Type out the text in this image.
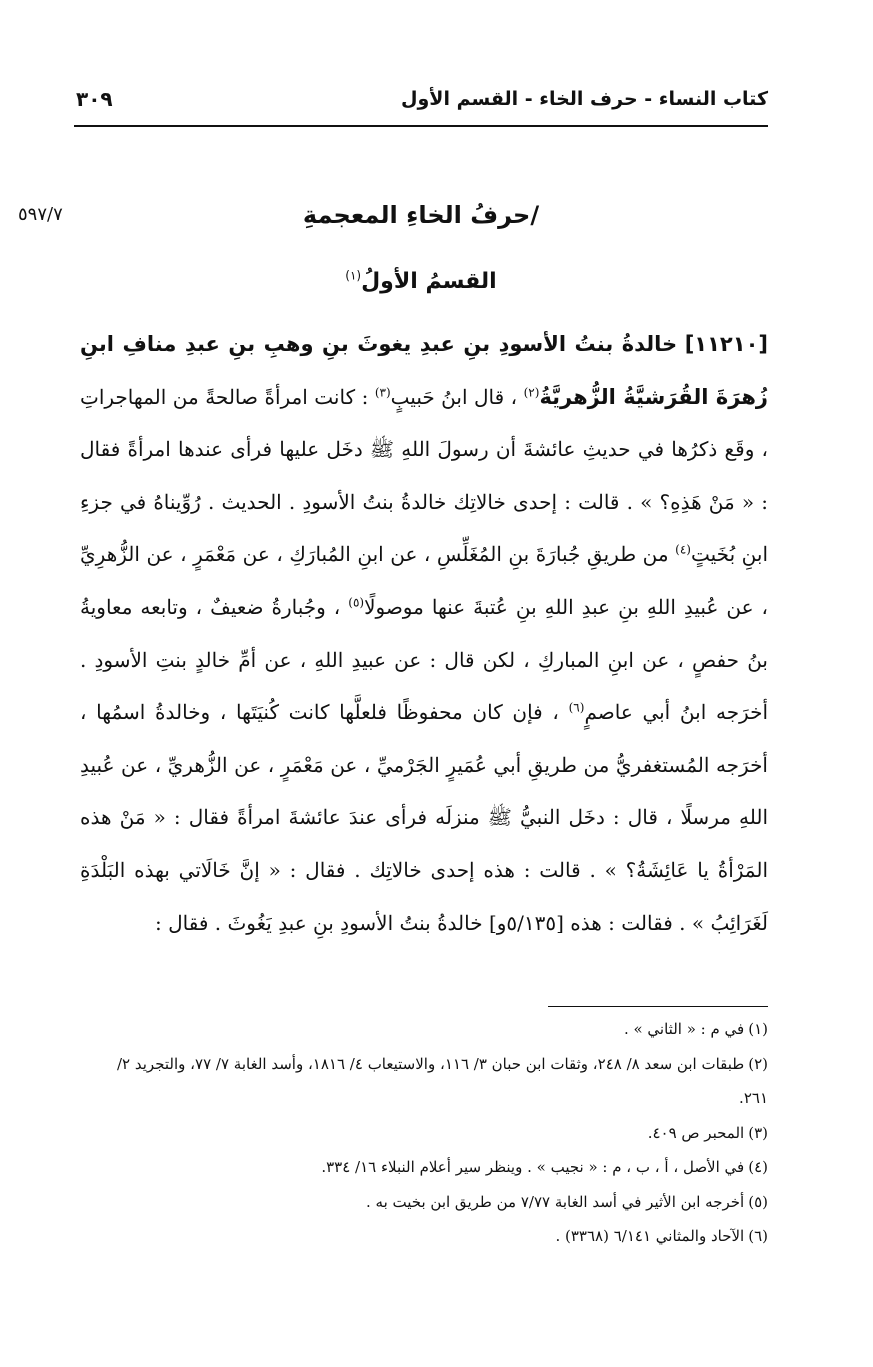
كتاب النساء - حرف الخاء - القسم الأول
٣٠٩
٥٩٧/٧	/حرفُ الخاءِ المعجمةِ
القسمُ الأولُ$^{(١)}$
[١١٢١٠] خالدةُ بنتُ الأسودِ بنِ عبدِ يغوثَ بنِ وهبِ بنِ عبدِ منافِ ابنِ زُهرَةَ القُرَشيَّةُ الزُّهريَّةُ$^{(٢)}$ ، قال ابنُ حَبيبٍ$^{(٣)}$ : كانت امرأةً صالحةً من المهاجراتِ ، وقَع ذكرُها في حديثِ عائشةَ أن رسولَ اللهِ ﷺ دخَل عليها فرأى عندها امرأةً فقال : « مَنْ هَذِهِ؟ » . قالت : إحدى خالاتِك خالدةُ بنتُ الأسودِ . الحديث . رُوِّيناهُ في جزءِ ابنِ بُخَيتٍ$^{(٤)}$ من طريقِ جُبارَةَ بنِ المُغَلِّسِ ، عن ابنِ المُبارَكِ ، عن مَعْمَرٍ ، عن الزُّهرِيِّ ، عن عُبيدِ اللهِ بنِ عبدِ اللهِ بنِ عُتبةَ عنها موصولًا$^{(٥)}$ ، وجُبارةُ ضعيفٌ ، وتابعه معاويةُ بنُ حفصٍ ، عن ابنِ المباركِ ، لكن قال : عن عبيدِ اللهِ ، عن أمِّ خالدٍ بنتِ الأسودِ . أخرَجه ابنُ أبي عاصمٍ$^{(٦)}$ ، فإن كان محفوظًا فلعلَّها كانت كُنيَتَها ، وخالدةُ اسمُها ، أخرَجه المُستغفريُّ من طريقِ أبي عُمَيرٍ الجَرْميِّ ، عن مَعْمَرٍ ، عن الزُّهريِّ ، عن عُبيدِ اللهِ مرسلًا ، قال : دخَل النبيُّ ﷺ منزلَه فرأى عندَ عائشةَ امرأةً فقال : « مَنْ هذه المَرْأةُ يا عَائِشَةُ؟ » . قالت : هذه إحدى خالاتِك . فقال : « إنَّ خَالَاتي بهذه البَلْدَةِ لَغَرَائِبُ » . فقالت : هذه [٥/١٣٥و] خالدةُ بنتُ الأسودِ بنِ عبدِ يَغُوثَ . فقال :
(١)في م : « الثاني » .
(٢)طبقات ابن سعد ٨/ ٢٤٨، وثقات ابن حبان ٣/ ١١٦، والاستيعاب ٤/ ١٨١٦، وأسد الغابة ٧/ ٧٧، والتجريد ٢/ ٢٦١.
(٣)المحبر ص ٤٠٩.
(٤)في الأصل ، أ ، ب ، م : « نجيب » . وينظر سير أعلام النبلاء ١٦/ ٣٣٤.
(٥)أخرجه ابن الأثير في أسد الغابة ٧/٧٧ من طريق ابن بخيت به .
(٦)الآحاد والمثاني ٦/١٤١ (٣٣٦٨) .
